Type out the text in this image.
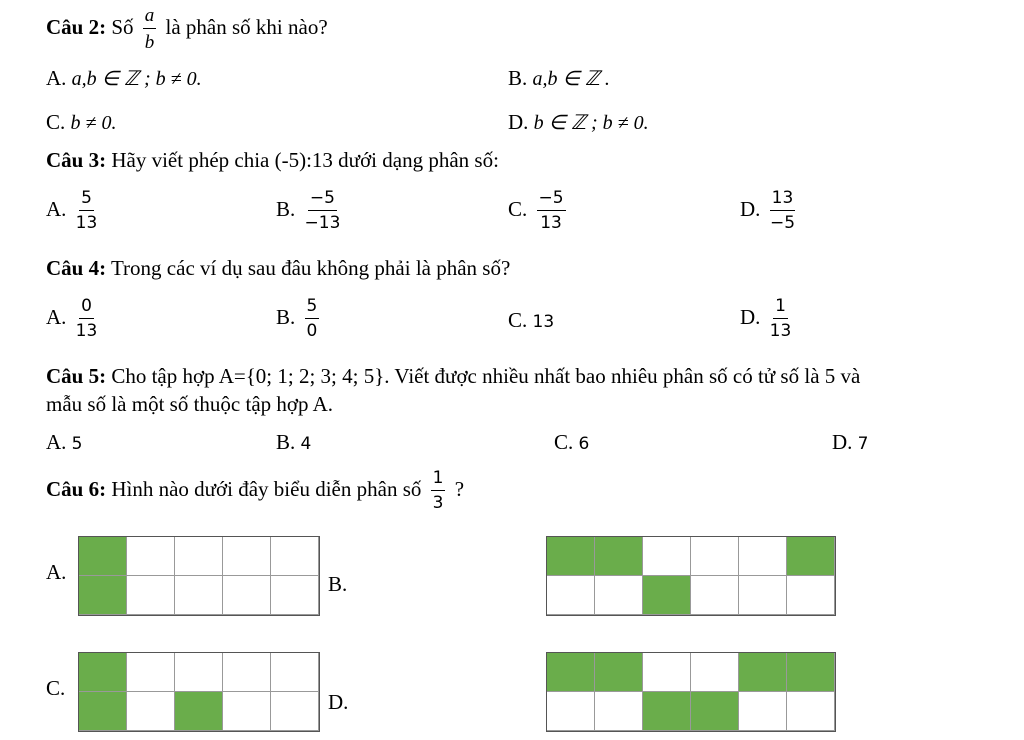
Câu 2: Số $\frac{a}{b}$ là phân số khi nào?
A. a,b ∈ ℤ ; b ≠ 0.	B. a,b ∈ ℤ .
C. b ≠ 0.	D. b ∈ ℤ ; b ≠ 0.
Câu 3: Hãy viết phép chia (-5):13 dưới dạng phân số:
A. $\frac{5}{13}$	B. $\frac{-5}{-13}$	C. $\frac{-5}{13}$	D. $\frac{13}{-5}$
Câu 4: Trong các ví dụ sau đâu không phải là phân số?
A. $\frac{0}{13}$	B. $\frac{5}{0}$	C. 13	D. $\frac{1}{13}$
Câu 5: Cho tập hợp A={0; 1; 2; 3; 4; 5}. Viết được nhiều nhất bao nhiêu phân số có tử số là 5 và
mẫu số là một số thuộc tập hợp A.
A. 5	B. 4	C. 6	D. 7
Câu 6: Hình nào dưới đây biểu diễn phân số $\frac{1}{3}$ ?
A.	B.
C.
D.
